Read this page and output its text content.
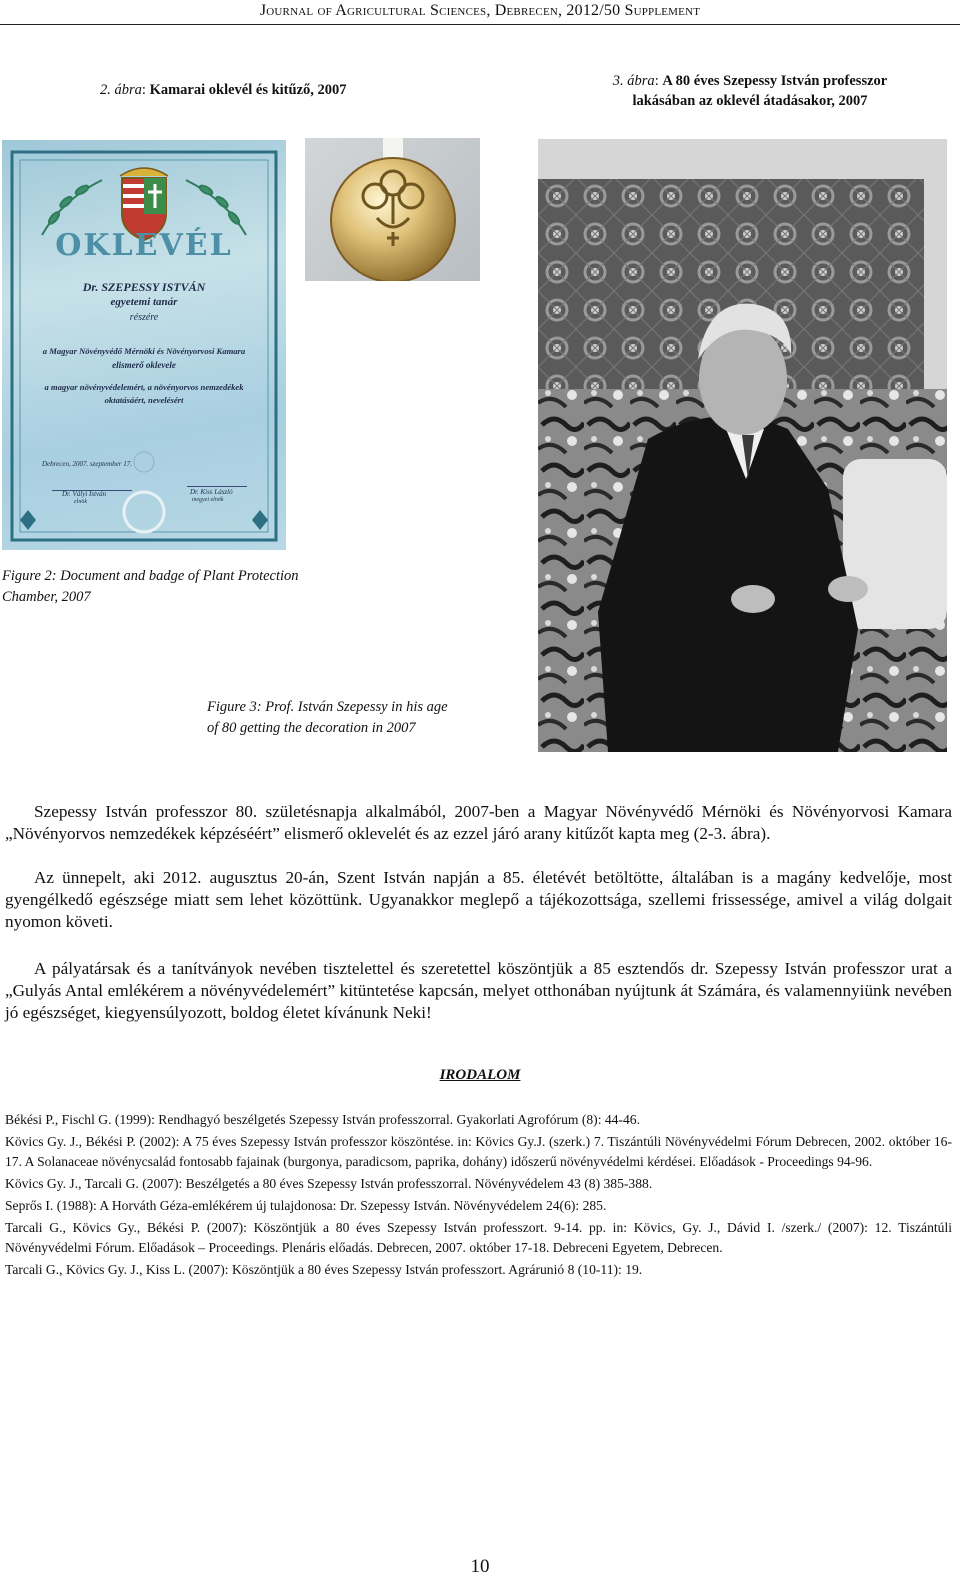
Journal of Agricultural Sciences, Debrecen, 2012/50 Supplement
2. ábra: Kamarai oklevél és kitűző, 2007
3. ábra: A 80 éves Szepessy István professzor
lakásában az oklevél átadásakor, 2007
OKLEVÉL
Dr. SZEPESSY ISTVÁN
egyetemi tanár
részére
a Magyar Növényvédő Mérnöki és Növényorvosi Kamara
elismerő oklevele
a magyar növényvédelemért, a növényorvos nemzedékek
oktatásáért, nevelésért
Debrecen, 2007. szeptember 17.
Dr. Vályi István
elnök
Dr. Kiss László
megyei elnök
Figure 2: Document and badge of Plant Protection
Chamber, 2007
Figure 3: Prof. István Szepessy in his age
of 80 getting the decoration in 2007
Szepessy István professzor 80. születésnapja alkalmából, 2007-ben a Magyar Növényvédő Mérnöki és Növényorvosi Kamara „Növényorvos nemzedékek képzéséért” elismerő oklevelét és az ezzel járó arany kitűzőt kapta meg (2-3. ábra).
Az ünnepelt, aki 2012. augusztus 20-án, Szent István napján a 85. életévét betöltötte, általában is a magány kedvelője, most gyengélkedő egészsége miatt sem lehet közöttünk. Ugyanakkor meglepő a tájékozottsága, szellemi frissessége, amivel a világ dolgait nyomon követi.
A pályatársak és a tanítványok nevében tisztelettel és szeretettel köszöntjük a 85 esztendős dr. Szepessy István professzor urat a „Gulyás Antal emlékérem a növényvédelemért” kitüntetése kapcsán, melyet otthonában nyújtunk át Számára, és valamennyiünk nevében jó egészséget, kiegyensúlyozott, boldog életet kívánunk Neki!
IRODALOM
Békési P., Fischl G. (1999): Rendhagyó beszélgetés Szepessy István professzorral. Gyakorlati Agrofórum (8): 44-46.
Kövics Gy. J., Békési P. (2002): A 75 éves Szepessy István professzor köszöntése. in: Kövics Gy.J. (szerk.) 7. Tiszántúli Növényvédelmi Fórum Debrecen, 2002. október 16-17. A Solanaceae növénycsalád fontosabb fajainak (burgonya, paradicsom, paprika, dohány) időszerű növényvédelmi kérdései. Előadások - Proceedings 94-96.
Kövics Gy. J., Tarcali G. (2007): Beszélgetés a 80 éves Szepessy István professzorral. Növényvédelem 43 (8) 385-388.
Seprős I. (1988): A Horváth Géza-emlékérem új tulajdonosa: Dr. Szepessy István. Növényvédelem 24(6): 285.
Tarcali G., Kövics Gy., Békési P. (2007): Köszöntjük a 80 éves Szepessy István professzort. 9-14. pp. in: Kövics, Gy. J., Dávid I. /szerk./ (2007): 12. Tiszántúli Növényvédelmi Fórum. Előadások – Proceedings. Plenáris előadás. Debrecen, 2007. október 17-18. Debreceni Egyetem, Debrecen.
Tarcali G., Kövics Gy. J., Kiss L. (2007): Köszöntjük a 80 éves Szepessy István professzort. Agrárunió 8 (10-11): 19.
10
